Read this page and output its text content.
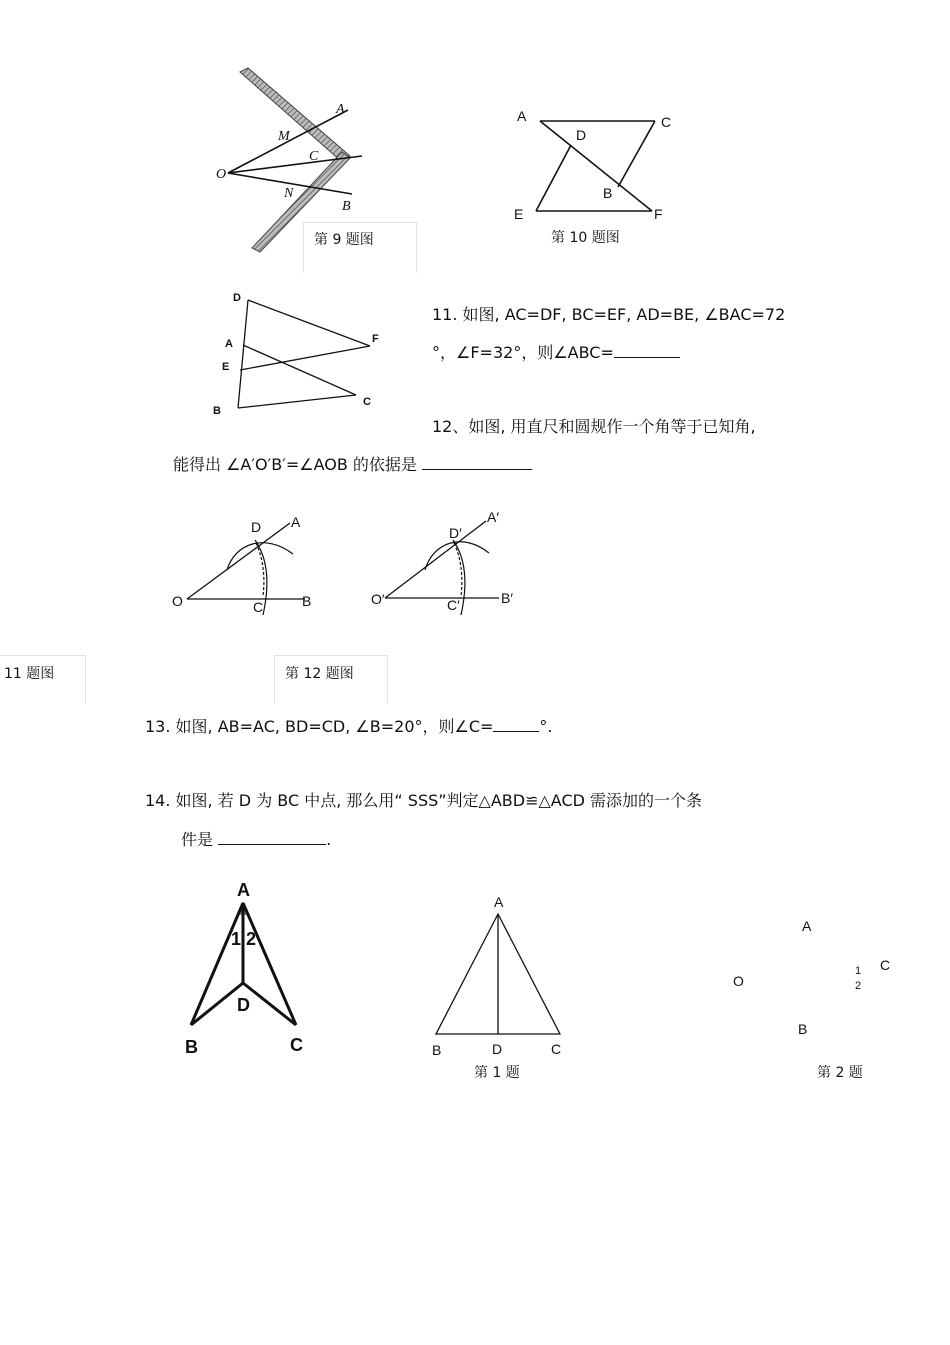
A
M
C
O
N
B
第 9 题图
A
D
C
B
E	F
第 10 题图
D
A
E
B
F
C
11. 如图, AC=DF, BC=EF, AD=BE, ∠BAC=72
°，∠F=32°，则∠ABC=
12、如图, 用直尺和圆规作一个角等于已知角,
能得出 ∠A′O′B′=∠AOB 的依据是
D A
O	C	B
D′
A′
O′	C′	B′
11 题图	第 12 题图
13. 如图, AB=AC, BD=CD, ∠B=20°，则∠C=	°.
14. 如图, 若 D 为 BC 中点, 那么用“ SSS”判定△ABD≌△ACD 需添加的一个条
件是	.
A
1 2
D
B	C
A
B	D	C
第 1 题
A
O
C
1
2
B
第 2 题
